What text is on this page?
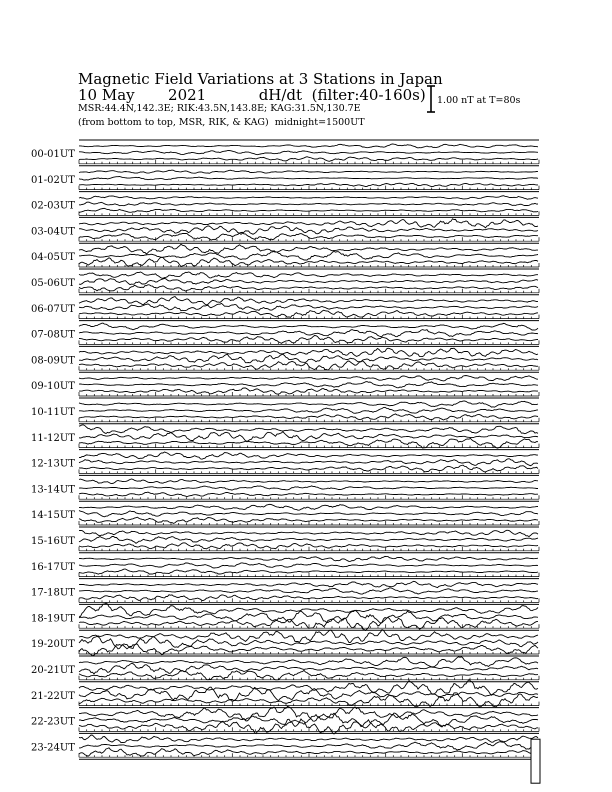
Magnetic Field Variations at 3 Stations in Japan
10 May 2021	dH/dt (filter:40-160s)
MSR:44.4N,142.3E; RIK:43.5N,143.8E; KAG:31.5N,130.7E
(from bottom to top, MSR, RIK, & KAG) midnight=1500UT
1.00 nT at T=80s
00-01UT
01-02UT
02-03UT
03-04UT
04-05UT
05-06UT
06-07UT
07-08UT
08-09UT
09-10UT
10-11UT
11-12UT
12-13UT
13-14UT
14-15UT
15-16UT
16-17UT
17-18UT
18-19UT
19-20UT
20-21UT
21-22UT
22-23UT
23-24UT
